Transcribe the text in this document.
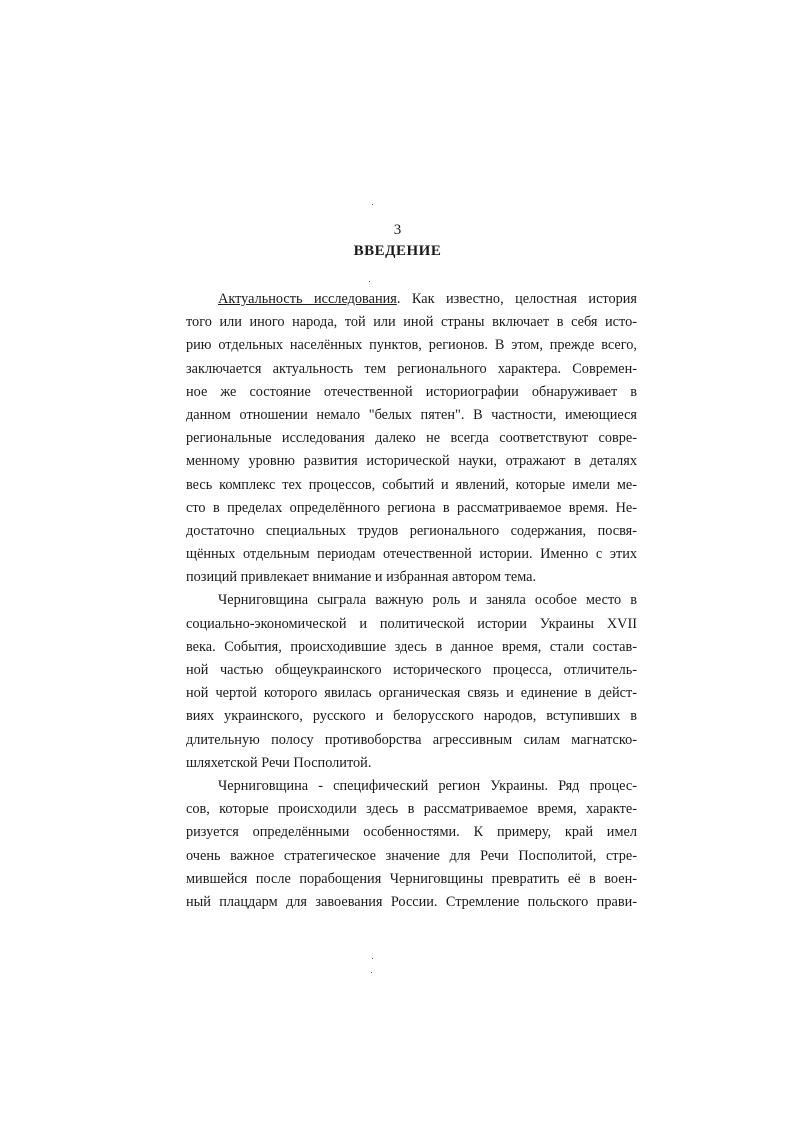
3
ВВЕДЕНИЕ
Актуальность исследования. Как известно, целостная история
того или иного народа, той или иной страны включает в себя исто-
рию отдельных населённых пунктов, регионов. В этом, прежде всего,
заключается актуальность тем регионального характера. Современ-
ное же состояние отечественной историографии обнаруживает в
данном отношении немало "белых пятен". В частности, имеющиеся
региональные исследования далеко не всегда соответствуют совре-
менному уровню развития исторической науки, отражают в деталях
весь комплекс тех процессов, событий и явлений, которые имели ме-
сто в пределах определённого региона в рассматриваемое время. Не-
достаточно специальных трудов регионального содержания, посвя-
щённых отдельным периодам отечественной истории. Именно с этих
позиций привлекает внимание и избранная автором тема.
Черниговщина сыграла важную роль и заняла особое место в
социально-экономической и политической истории Украины XVII
века. События, происходившие здесь в данное время, стали состав-
ной частью общеукраинского исторического процесса, отличитель-
ной чертой которого явилась органическая связь и единение в дейст-
виях украинского, русского и белорусского народов, вступивших в
длительную полосу противоборства агрессивным силам магнатско-
шляхетской Речи Посполитой.
Черниговщина - специфический регион Украины. Ряд процес-
сов, которые происходили здесь в рассматриваемое время, характе-
ризуется определёнными особенностями. К примеру, край имел
очень важное стратегическое значение для Речи Посполитой, стре-
мившейся после порабощения Черниговщины превратить её в воен-
ный плацдарм для завоевания России. Стремление польского прави-
